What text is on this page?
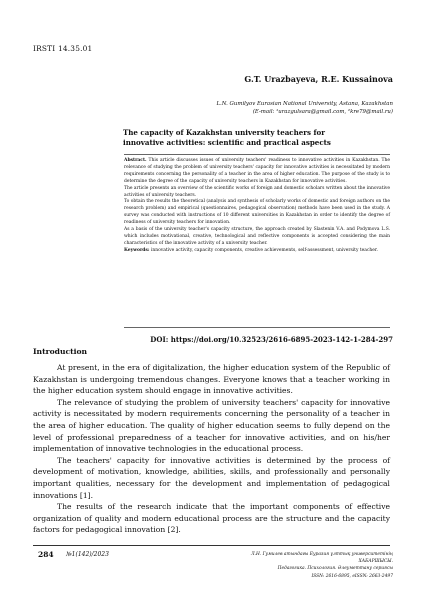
IRSTI 14.35.01
G.T. Urazbayeva, R.E. Kussainova
L.N. Gumilyov Eurasian National University, Astana, Kazakhstan
(E-mail: ¹urazgulsara@gmail.com, ²kre79@mail.ru)
The capacity of Kazakhstan university teachers for innovative activities: scientific and practical aspects

Abstract. This article discusses issues of university teachers' readiness to innovative activities in Kazakhstan. The relevance of studying the problem of university teachers' capacity for innovative activities is necessitated by modern requirements concerning the personality of a teacher in the area of higher education. The purpose of the study is to determine the degree of the capacity of university teachers in Kazakhstan for innovative activities.

The article presents an overview of the scientific works of foreign and domestic scholars written about the innovative activities of university teachers.

To obtain the results the theoretical (analysis and synthesis of scholarly works of domestic and foreign authors on the research problem) and empirical (questionnaires, pedagogical observation) methods have been used in the study. A survey was conducted with instructions of 10 different universities in Kazakhstan in order to identify the degree of readiness of university teachers for innovation.

As a basis of the university teacher's capacity structure, the approach created by Slastenin V.A. and Podymova L.S. which includes motivational, creative, technological and reflective components is accepted considering the main characteristics of the innovative activity of a university teacher.

Keywords: innovative activity, capacity components, creative achievements, self-assessment, university teacher.

DOI: https://doi.org/10.32523/2616-6895-2023-142-1-284-297
Introduction

At present, in the era of digitalization, the higher education system of the Republic of Kazakhstan is undergoing tremendous changes. Everyone knows that a teacher working in the higher education system should engage in innovative activities.

The relevance of studying the problem of university teachers' capacity for innovative activity is necessitated by modern requirements concerning the personality of a teacher in the area of higher education. The quality of higher education seems to fully depend on the level of professional preparedness of a teacher for innovative activities, and on his/her implementation of innovative technologies in the educational process.

The teachers' capacity for innovative activities is determined by the process of development of motivation, knowledge, abilities, skills, and professionally and personally important qualities, necessary for the development and implementation of pedagogical innovations [1].

The results of the research indicate that the important components of effective organization of quality and modern educational process are the structure and the capacity factors for pedagogical innovation [2].

284 №1(142)/2023	Л.Н. Гумилев атындағы Еуразия ұлттық университетінің ХАБАРШЫСЫ.
Педагогика. Психология. Әлеуметтану сериясы
ISSN: 2616-6895, eISSN: 2663-2497
